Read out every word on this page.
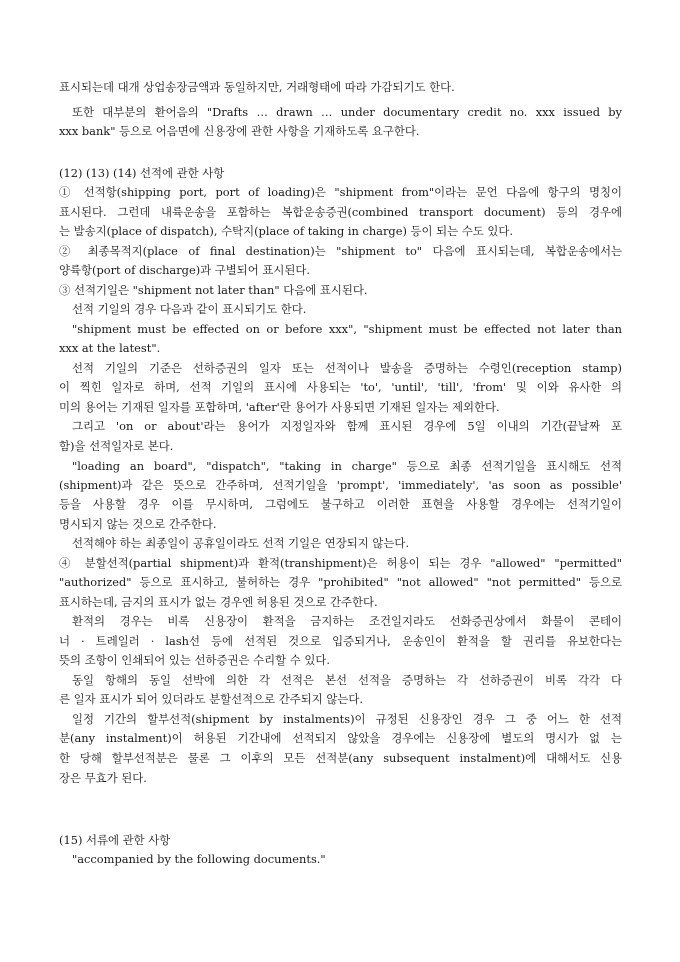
표시되는데 대개 상업송장금액과 동일하지만, 거래형태에 따라 가감되기도 한다.
또한 대부분의 환어음의 "Drafts … drawn … under documentary credit no. xxx issued by
xxx bank" 등으로 어음면에 신용장에 관한 사항을 기재하도록 요구한다.
(12) (13) (14) 선적에 관한 사항
① 선적항(shipping port, port of loading)은 "shipment from"이라는 문언 다음에 항구의 명칭이
표시된다. 그런데 내륙운송을 포함하는 복합운송증권(combined transport document) 등의 경우에
는 발송지(place of dispatch), 수탁지(place of taking in charge) 등이 되는 수도 있다.
② 최종목적지(place of final destination)는 "shipment to" 다음에 표시되는데, 복합운송에서는
양륙항(port of discharge)과 구별되어 표시된다.
③ 선적기일은 "shipment not later than" 다음에 표시된다.
선적 기일의 경우 다음과 같이 표시되기도 한다.
"shipment must be effected on or before xxx", "shipment must be effected not later than
xxx at the latest".
선적 기일의 기준은 선하증권의 일자 또는 선적이나 발송을 증명하는 수령인(reception stamp)
이 찍힌 일자로 하며, 선적 기일의 표시에 사용되는 'to', 'until', 'till', 'from' 및 이와 유사한 의
미의 용어는 기재된 일자를 포함하며, 'after'란 용어가 사용되면 기재된 일자는 제외한다.
그리고 'on or about'라는 용어가 지정일자와 함께 표시된 경우에 5일 이내의 기간(끝날짜 포
함)을 선적일자로 본다.
"loading an board", "dispatch", "taking in charge" 등으로 최종 선적기일을 표시해도 선적
(shipment)과 같은 뜻으로 간주하며, 선적기일을 'prompt', 'immediately', 'as soon as possible'
등을 사용할 경우 이를 무시하며, 그럼에도 불구하고 이러한 표현을 사용할 경우에는 선적기일이
명시되지 않는 것으로 간주한다.
선적해야 하는 최종일이 공휴일이라도 선적 기일은 연장되지 않는다.
④ 분할선적(partial shipment)과 환적(transhipment)은 허용이 되는 경우 "allowed" "permitted"
"authorized" 등으로 표시하고, 불허하는 경우 "prohibited" "not allowed" "not permitted" 등으로
표시하는데, 금지의 표시가 없는 경우엔 허용된 것으로 간주한다.
환적의 경우는 비록 신용장이 환적을 금지하는 조건일지라도 선화증권상에서 화물이 콘테이
너 · 트레일러 · lash선 등에 선적된 것으로 입증되거나, 운송인이 환적을 할 권리를 유보한다는
뜻의 조항이 인쇄되어 있는 선하증권은 수리할 수 있다.
동일 항해의 동일 선박에 의한 각 선적은 본선 선적을 증명하는 각 선하증권이 비록 각각 다
른 일자 표시가 되어 있더라도 분할선적으로 간주되지 않는다.
일정 기간의 할부선적(shipment by instalments)이 규정된 신용장인 경우 그 중 어느 한 선적
분(any instalment)이 허용된 기간내에 선적되지 않았을 경우에는 신용장에 별도의 명시가 없 는
한 당해 할부선적분은 물론 그 이후의 모든 선적분(any subsequent instalment)에 대해서도 신용
장은 무효가 된다.
(15) 서류에 관한 사항
"accompanied by the following documents."
